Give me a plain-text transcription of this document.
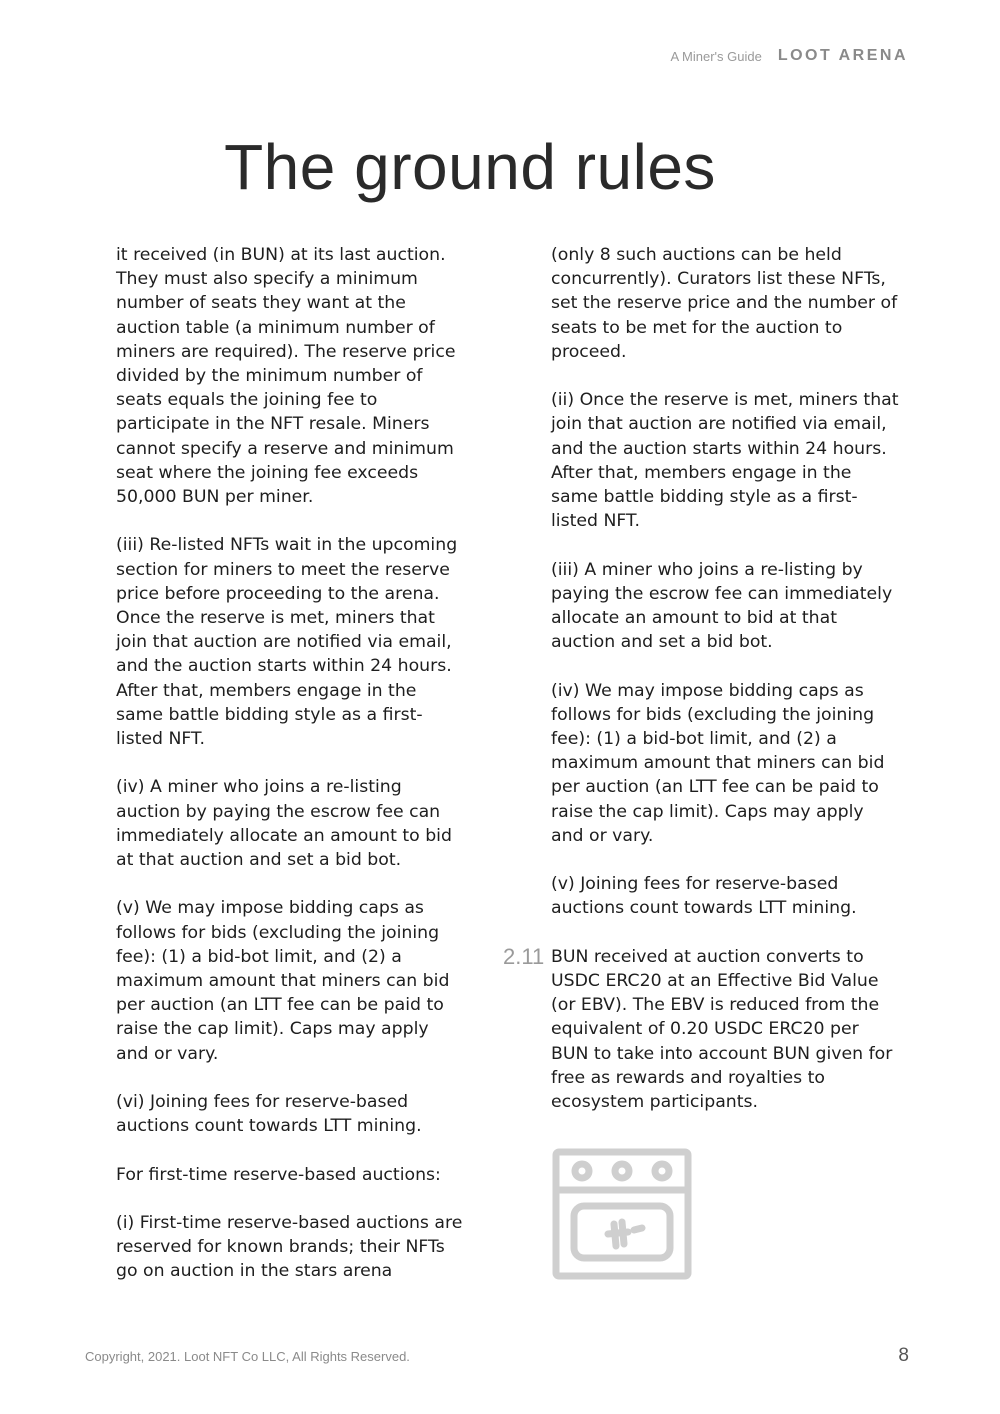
A Miner's Guide LOOT ARENA
The ground rules

it received (in BUN) at its last auction. They must also specify a minimum number of seats they want at the auction table (a minimum number of miners are required). The reserve price divided by the minimum number of seats equals the joining fee to participate in the NFT resale. Miners cannot specify a reserve and minimum seat where the joining fee exceeds 50,000 BUN per miner.

(iii) Re-listed NFTs wait in the upcoming section for miners to meet the reserve price before proceeding to the arena. Once the reserve is met, miners that join that auction are notified via email, and the auction starts within 24 hours. After that, members engage in the same battle bidding style as a first-listed NFT.

(iv) A miner who joins a re-listing auction by paying the escrow fee can immediately allocate an amount to bid at that auction and set a bid bot.

(v) We may impose bidding caps as follows for bids (excluding the joining fee): (1) a bid-bot limit, and (2) a maximum amount that miners can bid per auction (an LTT fee can be paid to raise the cap limit). Caps may apply and or vary.

(vi) Joining fees for reserve-based auctions count towards LTT mining.

For first-time reserve-based auctions:

(i) First-time reserve-based auctions are reserved for known brands; their NFTs go on auction in the stars arena

(only 8 such auctions can be held concurrently). Curators list these NFTs, set the reserve price and the number of seats to be met for the auction to proceed.

(ii) Once the reserve is met, miners that join that auction are notified via email, and the auction starts within 24 hours. After that, members engage in the same battle bidding style as a first-listed NFT.

(iii) A miner who joins a re-listing by paying the escrow fee can immediately allocate an amount to bid at that auction and set a bid bot.

(iv) We may impose bidding caps as follows for bids (excluding the joining fee): (1) a bid-bot limit, and (2) a maximum amount that miners can bid per auction (an LTT fee can be paid to raise the cap limit). Caps may apply and or vary.

(v) Joining fees for reserve-based auctions count towards LTT mining.

2.11 BUN received at auction converts to USDC ERC20 at an Effective Bid Value (or EBV). The EBV is reduced from the equivalent of 0.20 USDC ERC20 per BUN to take into account BUN given for free as rewards and royalties to ecosystem participants.

Copyright, 2021. Loot NFT Co LLC, All Rights Reserved.	8
